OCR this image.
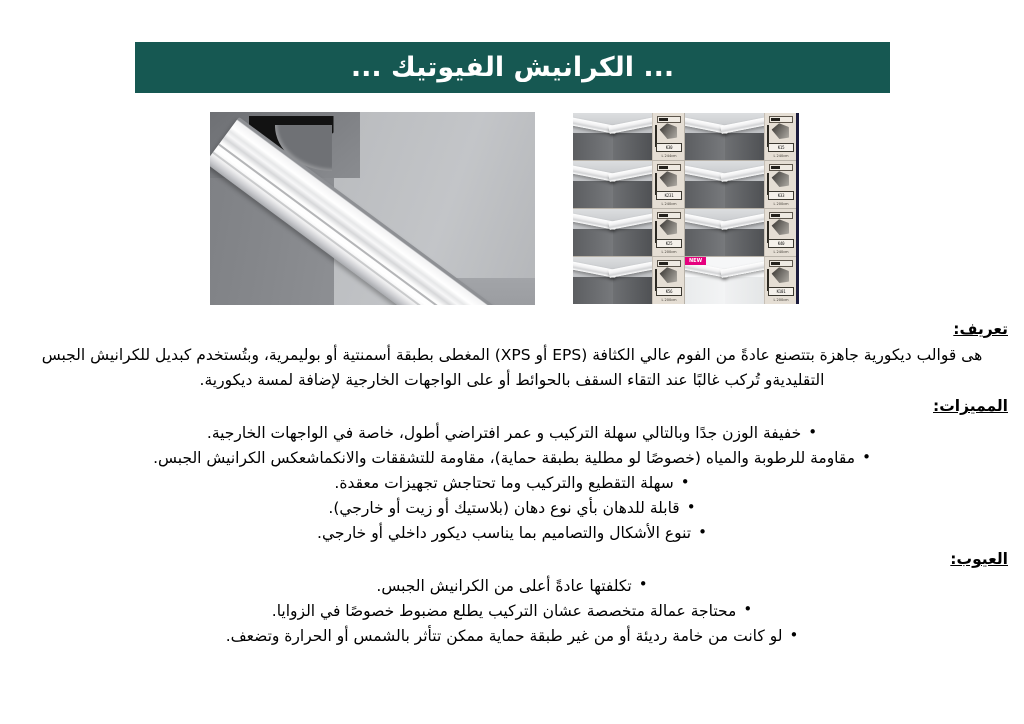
... الكرانيش الفيوتيك ...
K15
L 240cm
K30
L 244cm
K33
L 200cm
K231
L 240cm
K40
L 240cm
K25
L 200cm
K101
L 200cm
NEW
K56
L 200cm
تعريف:
هى قوالب ديكورية جاهزة بتتصنع عادةً من الفوم عالي الكثافة (EPS أو XPS) المغطى بطبقة أسمنتية أو بوليمرية، وبتُستخدم كبديل للكرانيش الجبس التقليديةو تُركب غالبًا عند التقاء السقف بالحوائط أو على الواجهات الخارجية لإضافة لمسة ديكورية.
المميزات:
•خفيفة الوزن جدًا وبالتالي سهلة التركيب و عمر افتراضي أطول، خاصة في الواجهات الخارجية.
•مقاومة للرطوبة والمياه (خصوصًا لو مطلية بطبقة حماية)، مقاومة للتشققات والانكماشعكس الكرانيش الجبس.
•سهلة التقطيع والتركيب وما تحتاجش تجهيزات معقدة.
•قابلة للدهان بأي نوع دهان (بلاستيك أو زيت أو خارجي).
•تنوع الأشكال والتصاميم بما يناسب ديكور داخلي أو خارجي.
العيوب:
•تكلفتها عادةً أعلى من الكرانيش الجبس.
•محتاجة عمالة متخصصة عشان التركيب يطلع مضبوط خصوصًا في الزوايا.
•لو كانت من خامة رديئة أو من غير طبقة حماية ممكن تتأثر بالشمس أو الحرارة وتضعف.
